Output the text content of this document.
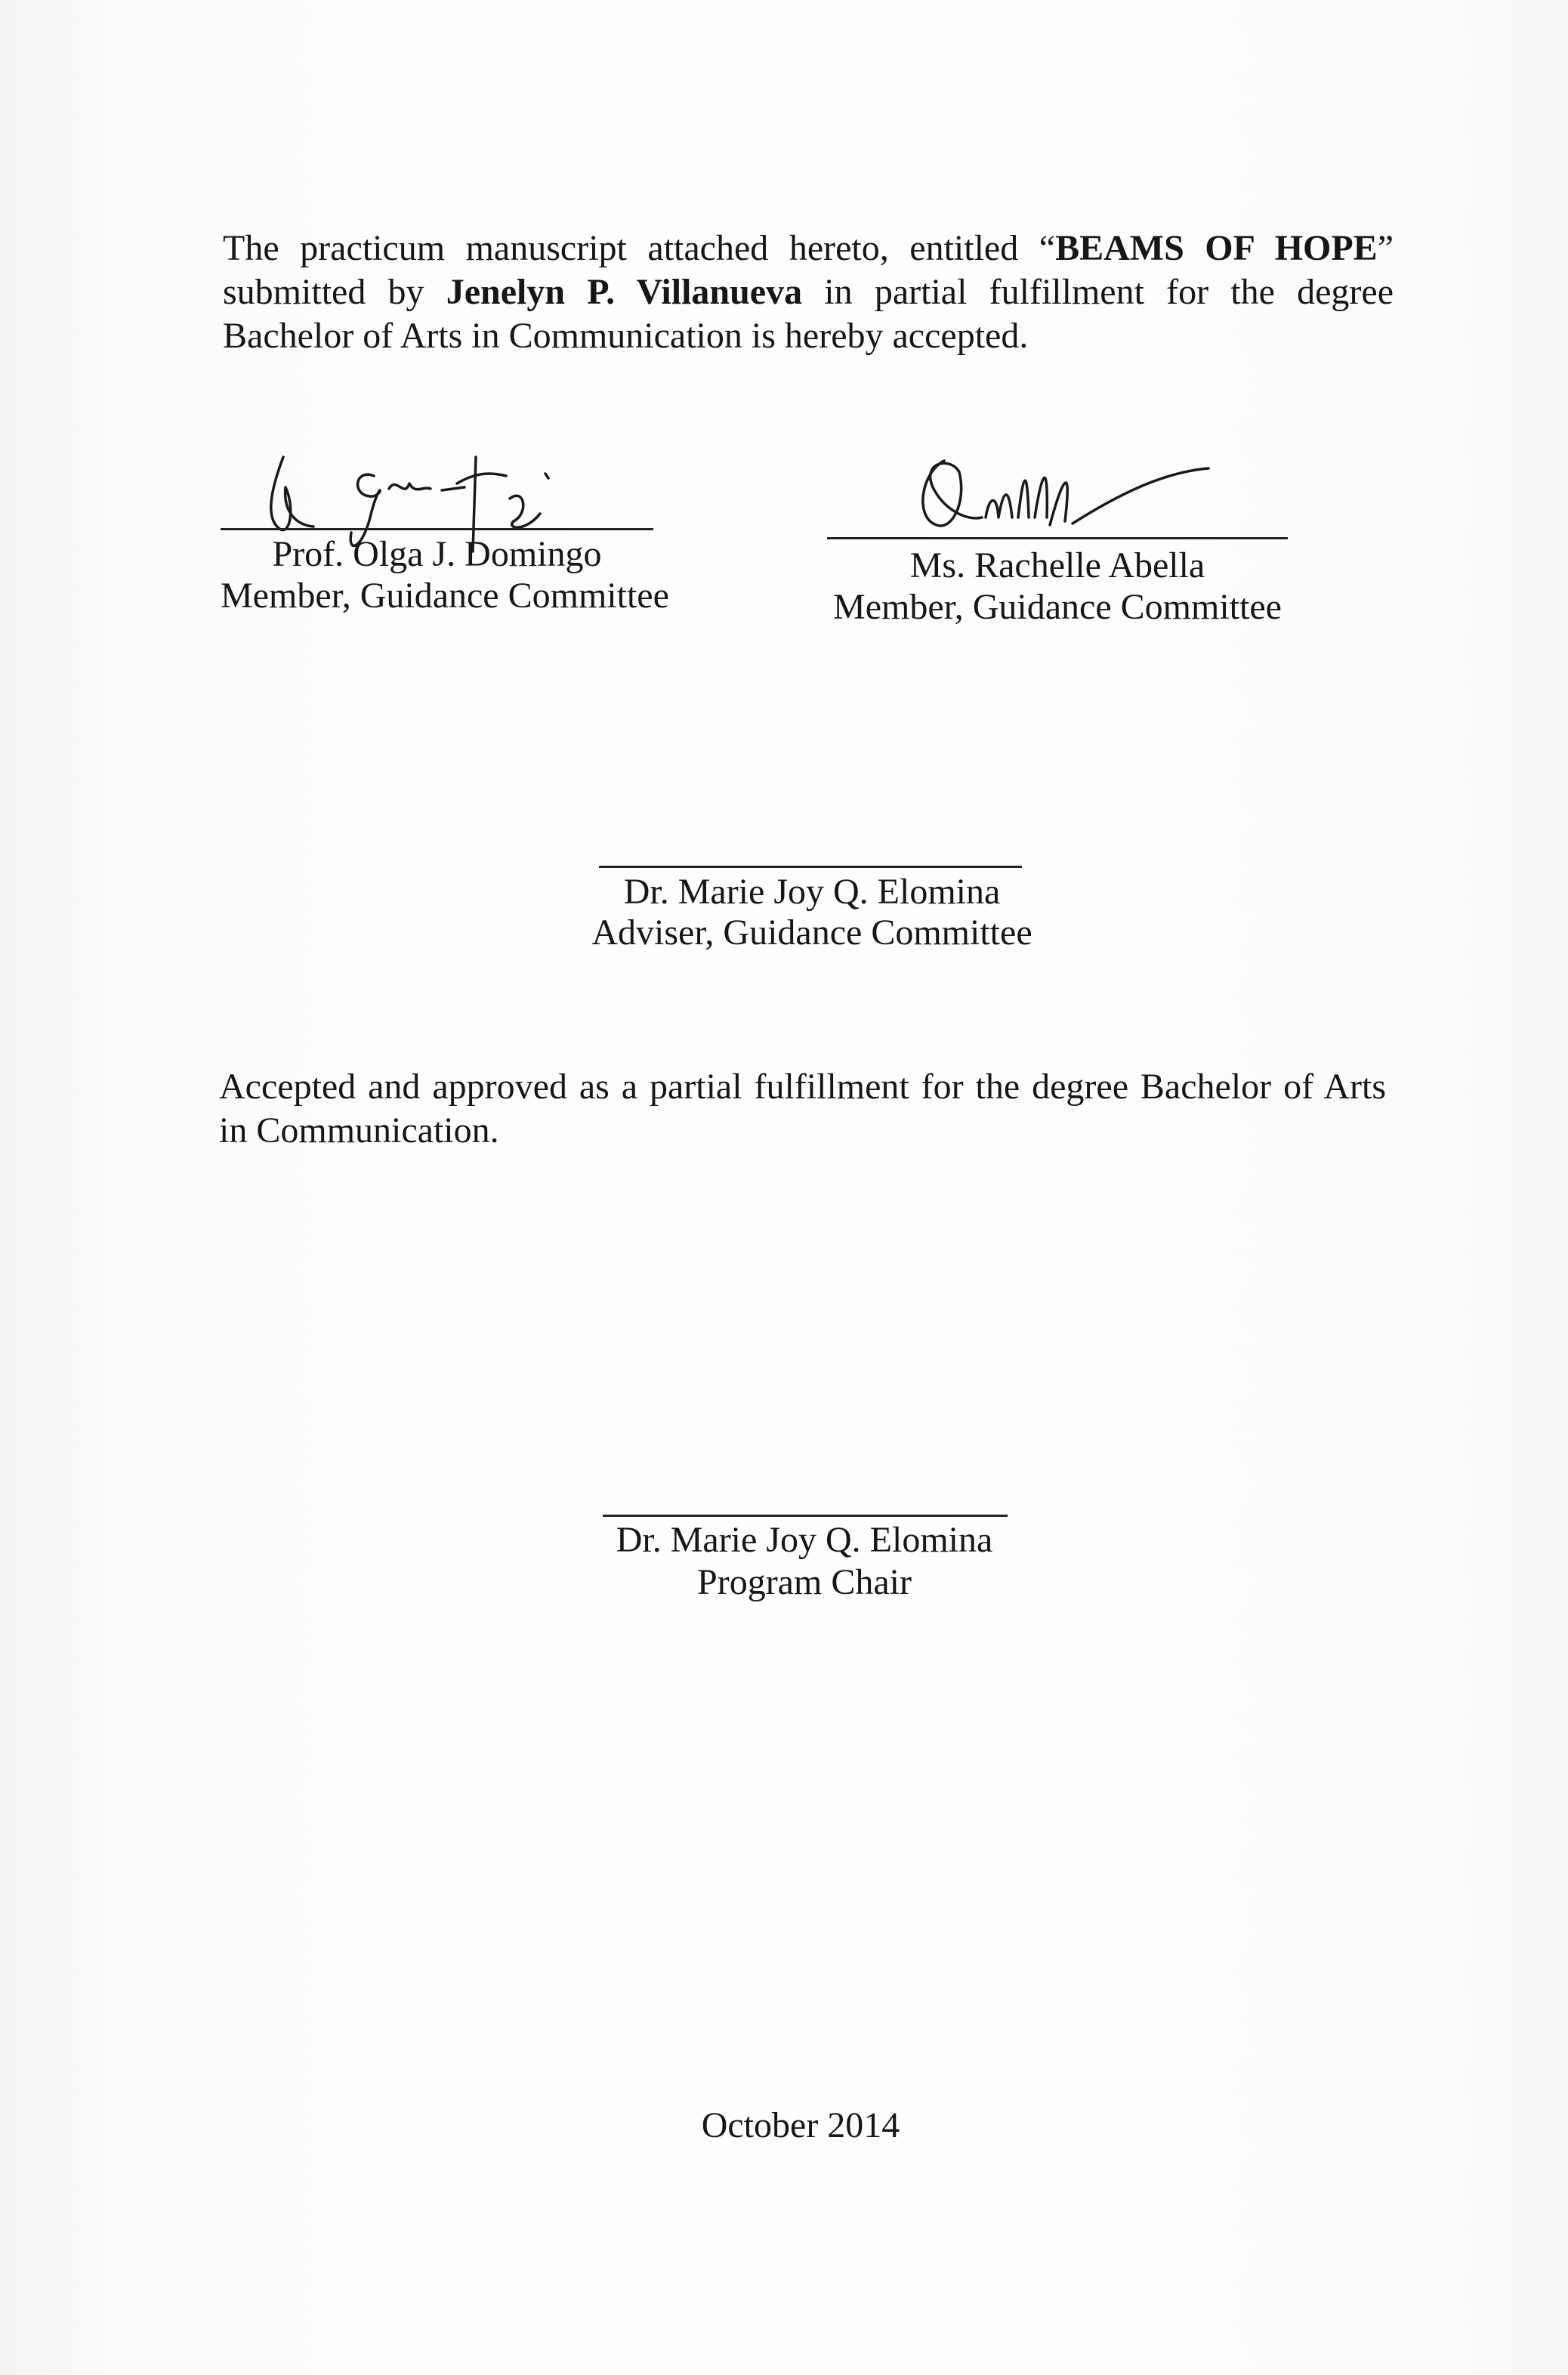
The practicum manuscript attached hereto, entitled “BEAMS OF HOPE” submitted by Jenelyn P. Villanueva in partial fulfillment for the degree Bachelor of Arts in Communication is hereby accepted.
Prof. Olga J. Domingo
Member, Guidance Committee
Ms. Rachelle Abella
Member, Guidance Committee
Dr. Marie Joy Q. Elomina
Adviser, Guidance Committee
Accepted and approved as a partial fulfillment for the degree Bachelor of Arts in Communication.
Dr. Marie Joy Q. Elomina
Program Chair
October 2014
